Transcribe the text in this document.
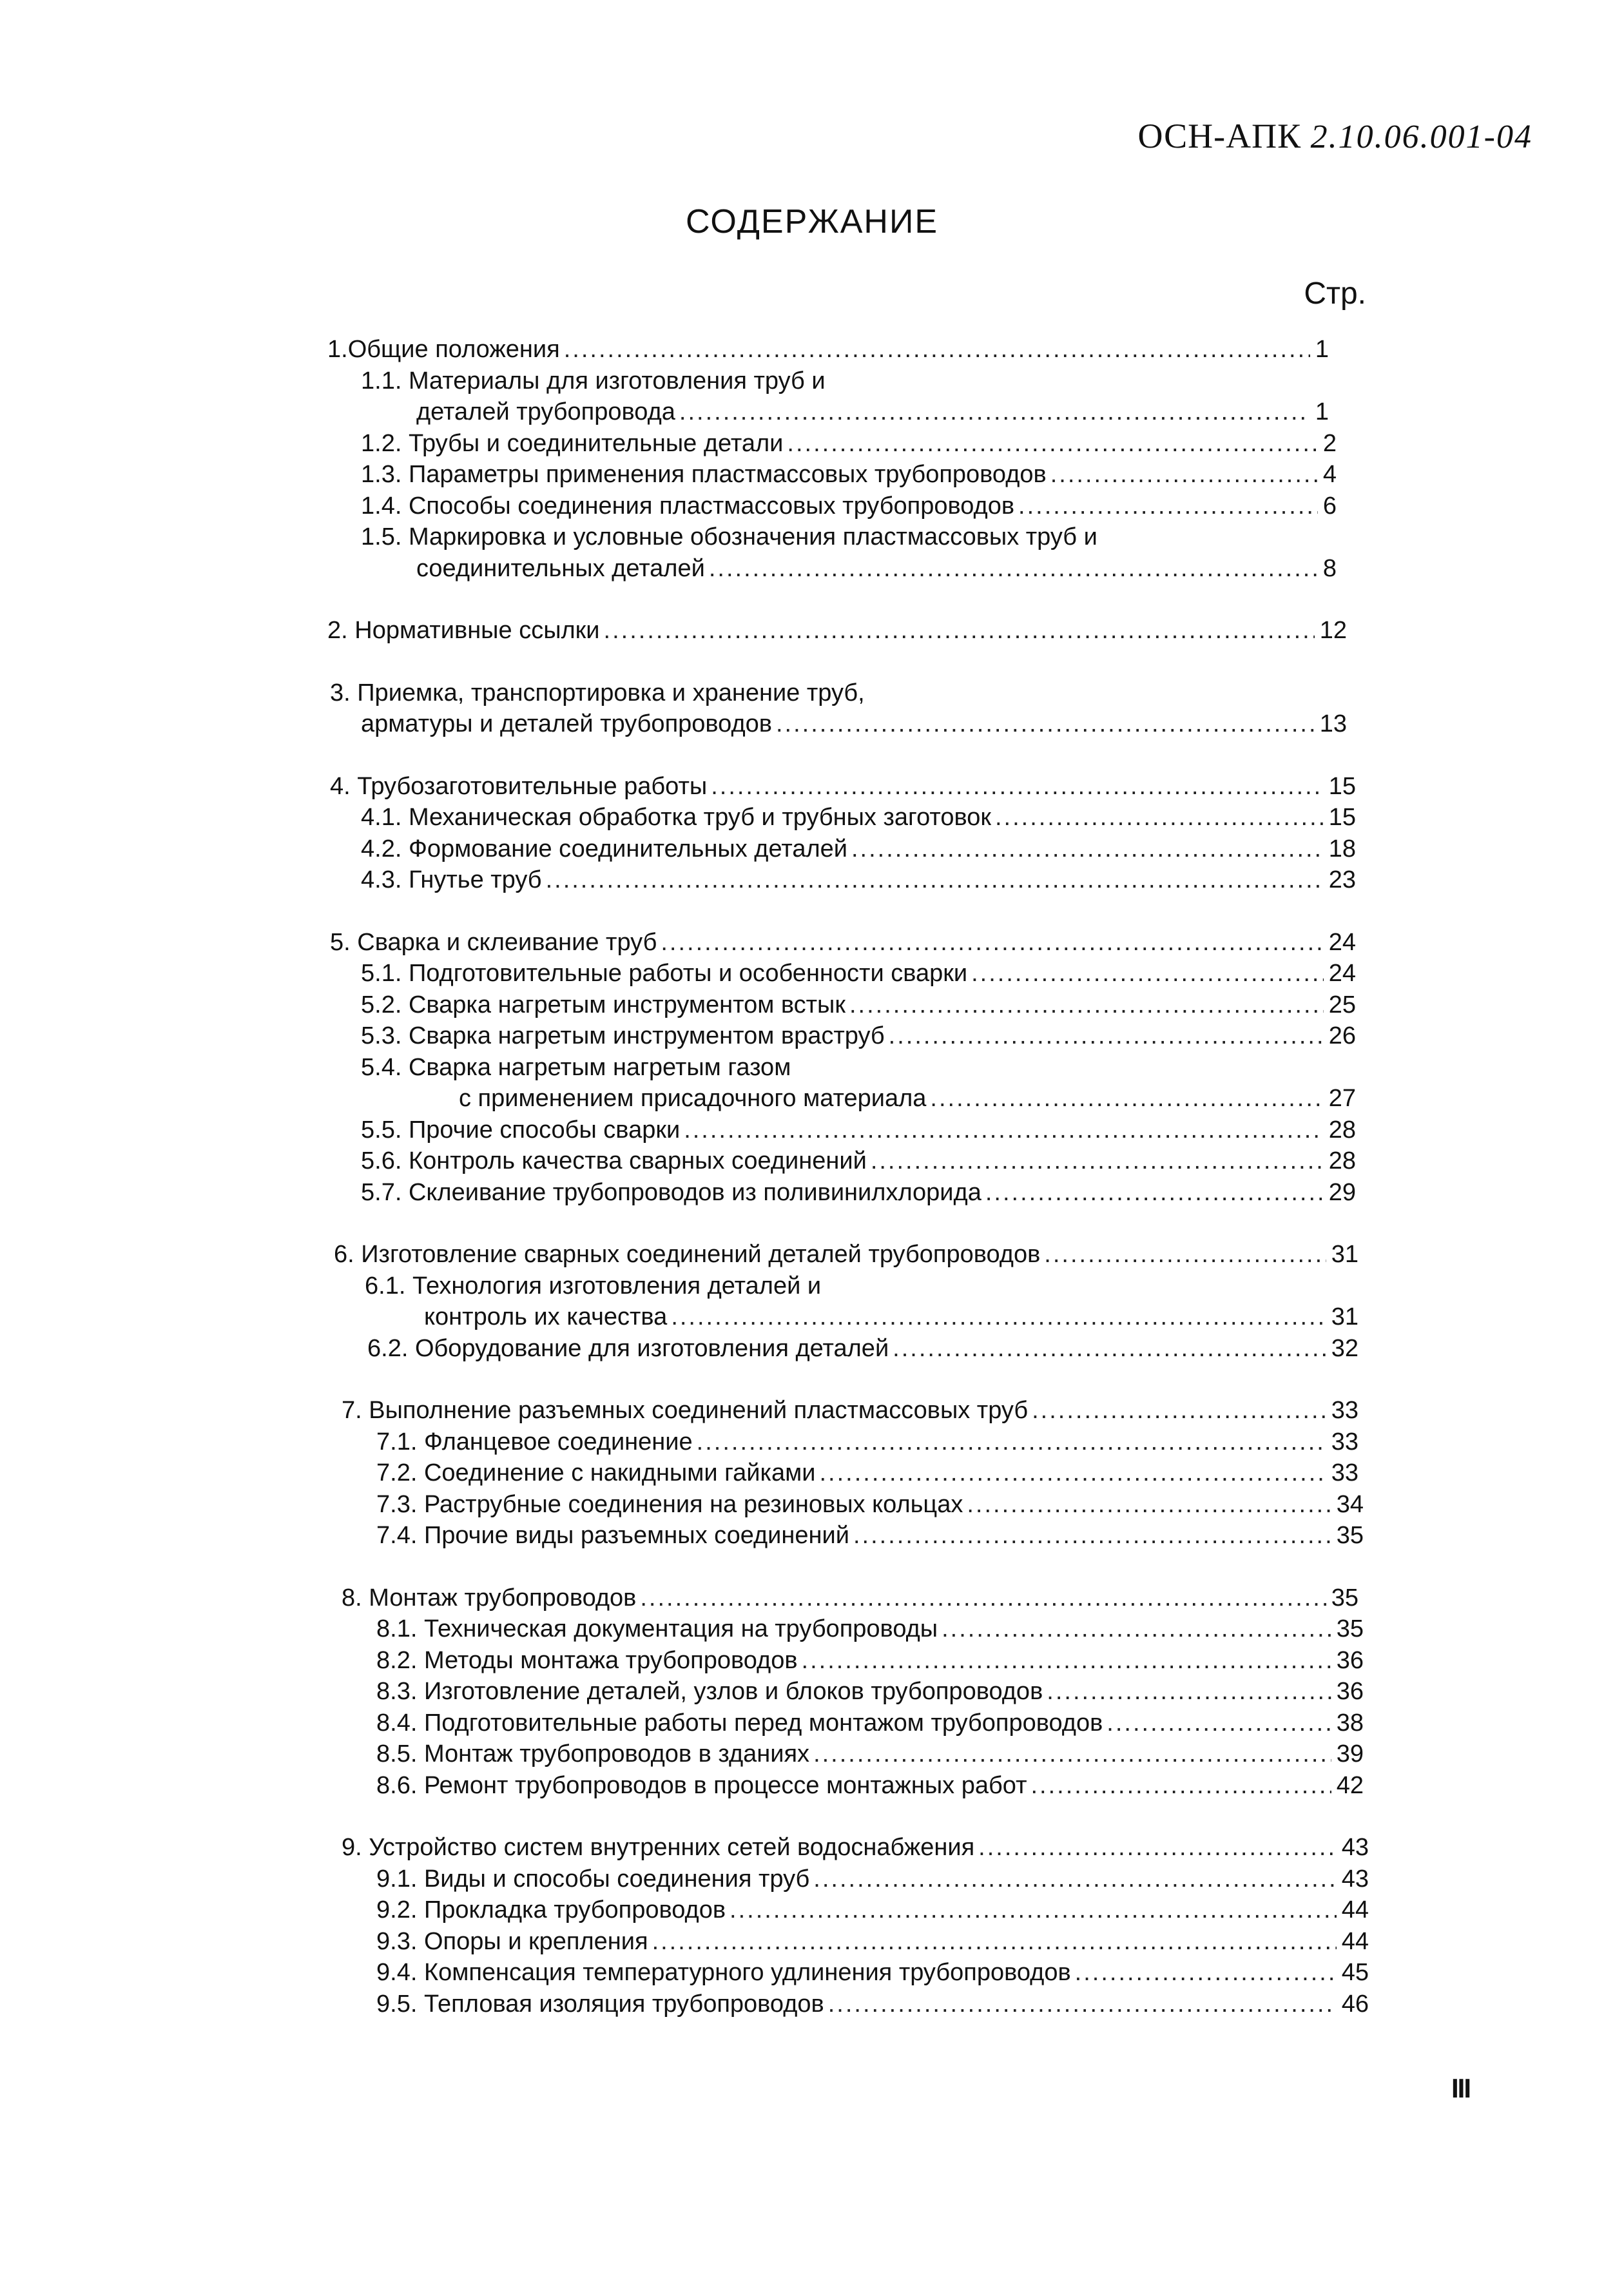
ОСН-АПК 2.10.06.001-04
СОДЕРЖАНИЕ
Стр.
1.Общие положения .....	1
1.1. Материалы для изготовления труб и
деталей трубопровода .....	1
1.2. Трубы и соединительные детали .....	2
1.3. Параметры применения пластмассовых трубопроводов .....	4
1.4. Способы соединения пластмассовых трубопроводов .....	6
1.5. Маркировка и условные обозначения пластмассовых труб и
соединительных деталей .....	8
2. Нормативные ссылки .....	12
3. Приемка, транспортировка и хранение труб,
арматуры и деталей трубопроводов .....	13
4. Трубозаготовительные работы .....	15
4.1. Механическая обработка труб и трубных заготовок .....	15
4.2. Формование соединительных деталей .....	18
4.3. Гнутье труб .....	23
5. Сварка и склеивание труб .....	24
5.1. Подготовительные работы и особенности сварки .....	24
5.2. Сварка нагретым инструментом встык .....	25
5.3. Сварка нагретым инструментом враструб .....	26
5.4. Сварка нагретым нагретым газом
с применением присадочного материала .....	27
5.5. Прочие способы сварки .....	28
5.6. Контроль качества сварных соединений .....	28
5.7. Склеивание трубопроводов из поливинилхлорида .....	29
6. Изготовление сварных соединений деталей трубопроводов .....	31
6.1. Технология изготовления деталей и
контроль их качества .....	31
6.2. Оборудование для изготовления деталей .....	32
7. Выполнение разъемных соединений пластмассовых труб .....	33
7.1. Фланцевое соединение .....	33
7.2. Соединение с накидными гайками .....	33
7.3. Раструбные соединения на резиновых кольцах .....	34
7.4. Прочие виды разъемных соединений .....	35
8. Монтаж трубопроводов .....	35
8.1. Техническая документация на трубопроводы .....	35
8.2. Методы монтажа трубопроводов .....	36
8.3. Изготовление деталей, узлов и блоков трубопроводов .....	36
8.4. Подготовительные работы перед монтажом трубопроводов .....	38
8.5. Монтаж трубопроводов в зданиях .....	39
8.6. Ремонт трубопроводов в процессе монтажных работ .....	42
9. Устройство систем внутренних сетей водоснабжения .....	43
9.1. Виды и способы соединения труб .....	43
9.2. Прокладка трубопроводов .....	44
9.3. Опоры и крепления .....	44
9.4. Компенсация температурного удлинения трубопроводов .....	45
9.5. Тепловая изоляция трубопроводов .....	46
III
